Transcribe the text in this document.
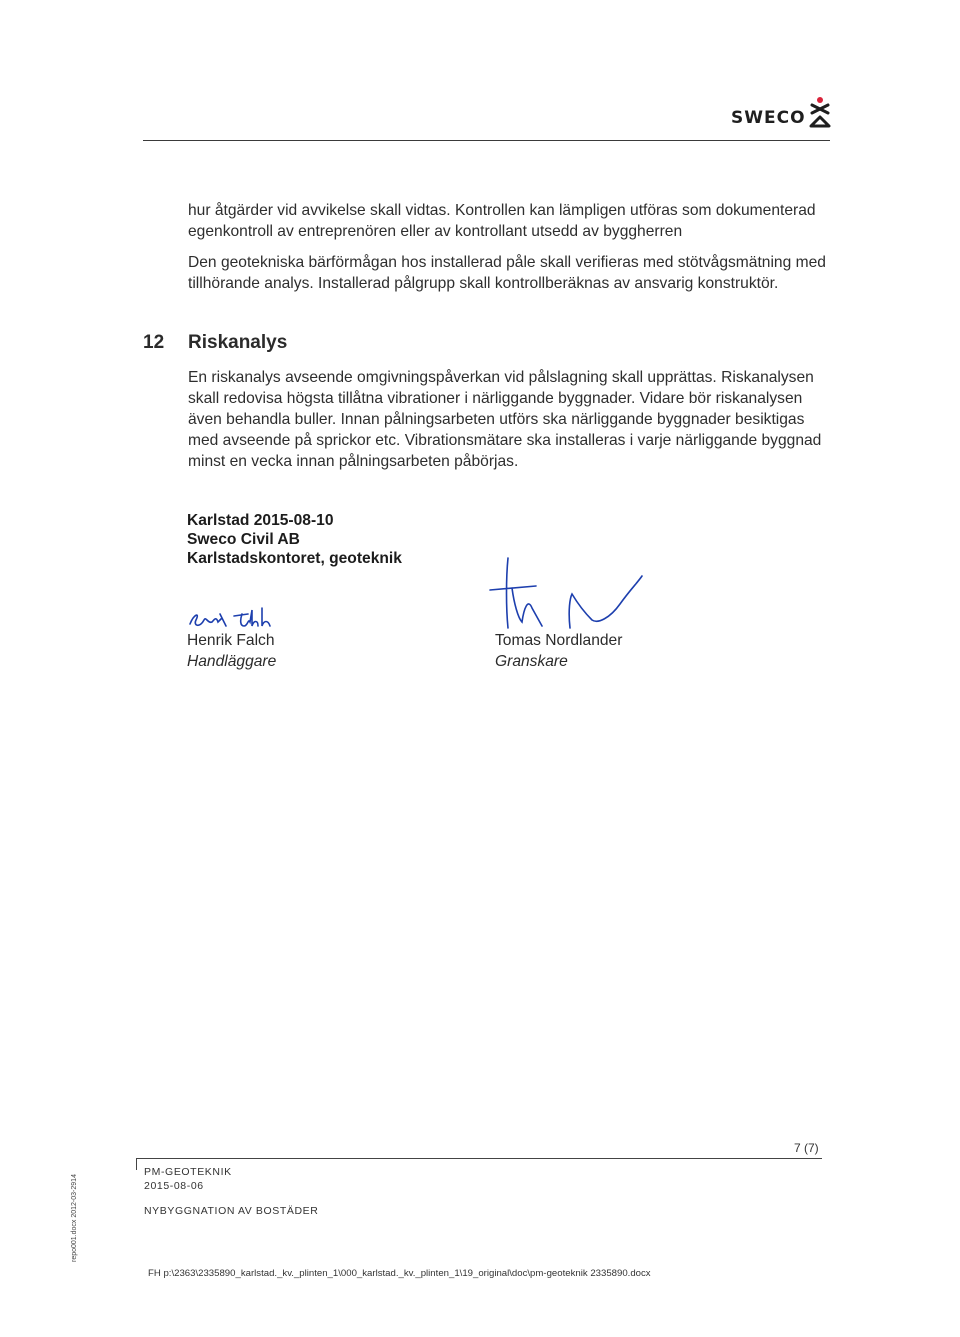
SWECO

hur åtgärder vid avvikelse skall vidtas. Kontrollen kan lämpligen utföras som dokumenterad egenkontroll av entreprenören eller av kontrollant utsedd av byggherren

Den geotekniska bärförmågan hos installerad påle skall verifieras med stötvågsmätning med tillhörande analys. Installerad pålgrupp skall kontrollberäknas av ansvarig konstruktör.

12 Riskanalys

En riskanalys avseende omgivningspåverkan vid pålslagning skall upprättas. Riskanalysen skall redovisa högsta tillåtna vibrationer i närliggande byggnader. Vidare bör riskanalysen även behandla buller. Innan pålningsarbeten utförs ska närliggande byggnader besiktigas med avseende på sprickor etc. Vibrationsmätare ska installeras i varje närliggande byggnad minst en vecka innan pålningsarbeten påbörjas.

Karlstad 2015-08-10
Sweco Civil AB
Karlstadskontoret, geoteknik
Henrik Falch
Handläggare
Tomas Nordlander
Granskare
7 (7)
PM-GEOTEKNIK
2015-08-06
NYBYGGNATION AV BOSTÄDER
FH p:\2363\2335890_karlstad._kv._plinten_1\000_karlstad._kv._plinten_1\19_original\doc\pm-geoteknik 2335890.docx
repo001.docx 2012-03-2914
